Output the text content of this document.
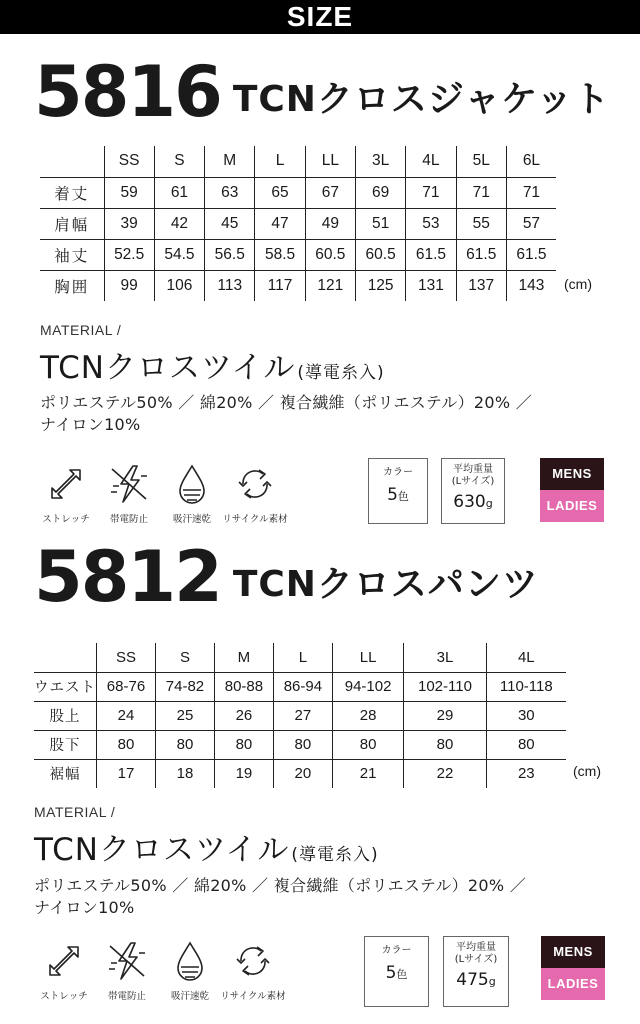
SIZE
5816 TCNクロスジャケット
	SS	S	M	L	LL	3L	4L	5L	6L
着丈	59	61	63	65	67	69	71	71	71
肩幅	39	42	45	47	49	51	53	55	57
袖丈	52.5	54.5	56.5	58.5	60.5	60.5	61.5	61.5	61.5
胸囲	99	106	113	117	121	125	131	137	143 (cm)
MATERIAL /
TCNクロスツイル (導電糸入)
ポリエステル50% ／ 綿20% ／ 複合繊維（ポリエステル）20% ／
ナイロン10%
ストレッチ 帯電防止	吸汗速乾 リサイクル素材
カラー
5色
平均重量
(Lサイズ)
630g
MENS
LADIES
5812 TCNクロスパンツ
	SS	S	M	L	LL	3L	4L
ウエスト	68-76	74-82	80-88	86-94	94-102	102-110	110-118
股上	24	25	26	27	28	29	30
股下	80	80	80	80	80	80	80
裾幅	17	18	19	20	21	22	23	(cm)
MATERIAL /
TCNクロスツイル (導電糸入)
ポリエステル50% ／ 綿20% ／ 複合繊維（ポリエステル）20% ／
ナイロン10%
ストレッチ 帯電防止	吸汗速乾 リサイクル素材
カラー
5色
平均重量
(Lサイズ)
475g
MENS
LADIES
